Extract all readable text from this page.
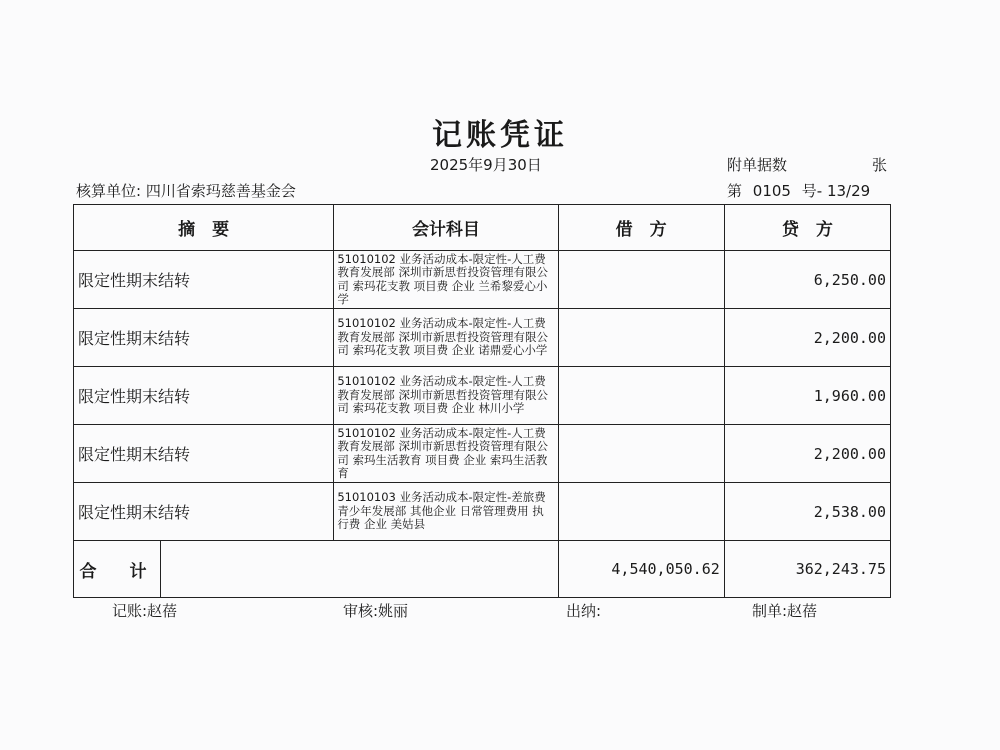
记账凭证
2025年9月30日	附单据数	张
核算单位: 四川省索玛慈善基金会	第 0105 号- 13/29
摘　要	会计科目	借　方	贷　方
限定性期末结转	51010102 业务活动成本-限定性-人工费 教育发展部 深圳市新思哲投资管理有限公司 索玛花支教 项目费 企业 兰希黎爱心小学		6,250.00
限定性期末结转	51010102 业务活动成本-限定性-人工费 教育发展部 深圳市新思哲投资管理有限公司 索玛花支教 项目费 企业 诺鼎爱心小学		2,200.00
限定性期末结转	51010102 业务活动成本-限定性-人工费 教育发展部 深圳市新思哲投资管理有限公司 索玛花支教 项目费 企业 林川小学		1,960.00
限定性期末结转	51010102 业务活动成本-限定性-人工费 教育发展部 深圳市新思哲投资管理有限公司 索玛生活教育 项目费 企业 索玛生活教育		2,200.00
限定性期末结转	51010103 业务活动成本-限定性-差旅费 青少年发展部 其他企业 日常管理费用 执行费 企业 美姑县		2,538.00

合　计		4,540,050.62	362,243.75
记账:赵蓓	审核:姚丽	出纳:	制单:赵蓓
